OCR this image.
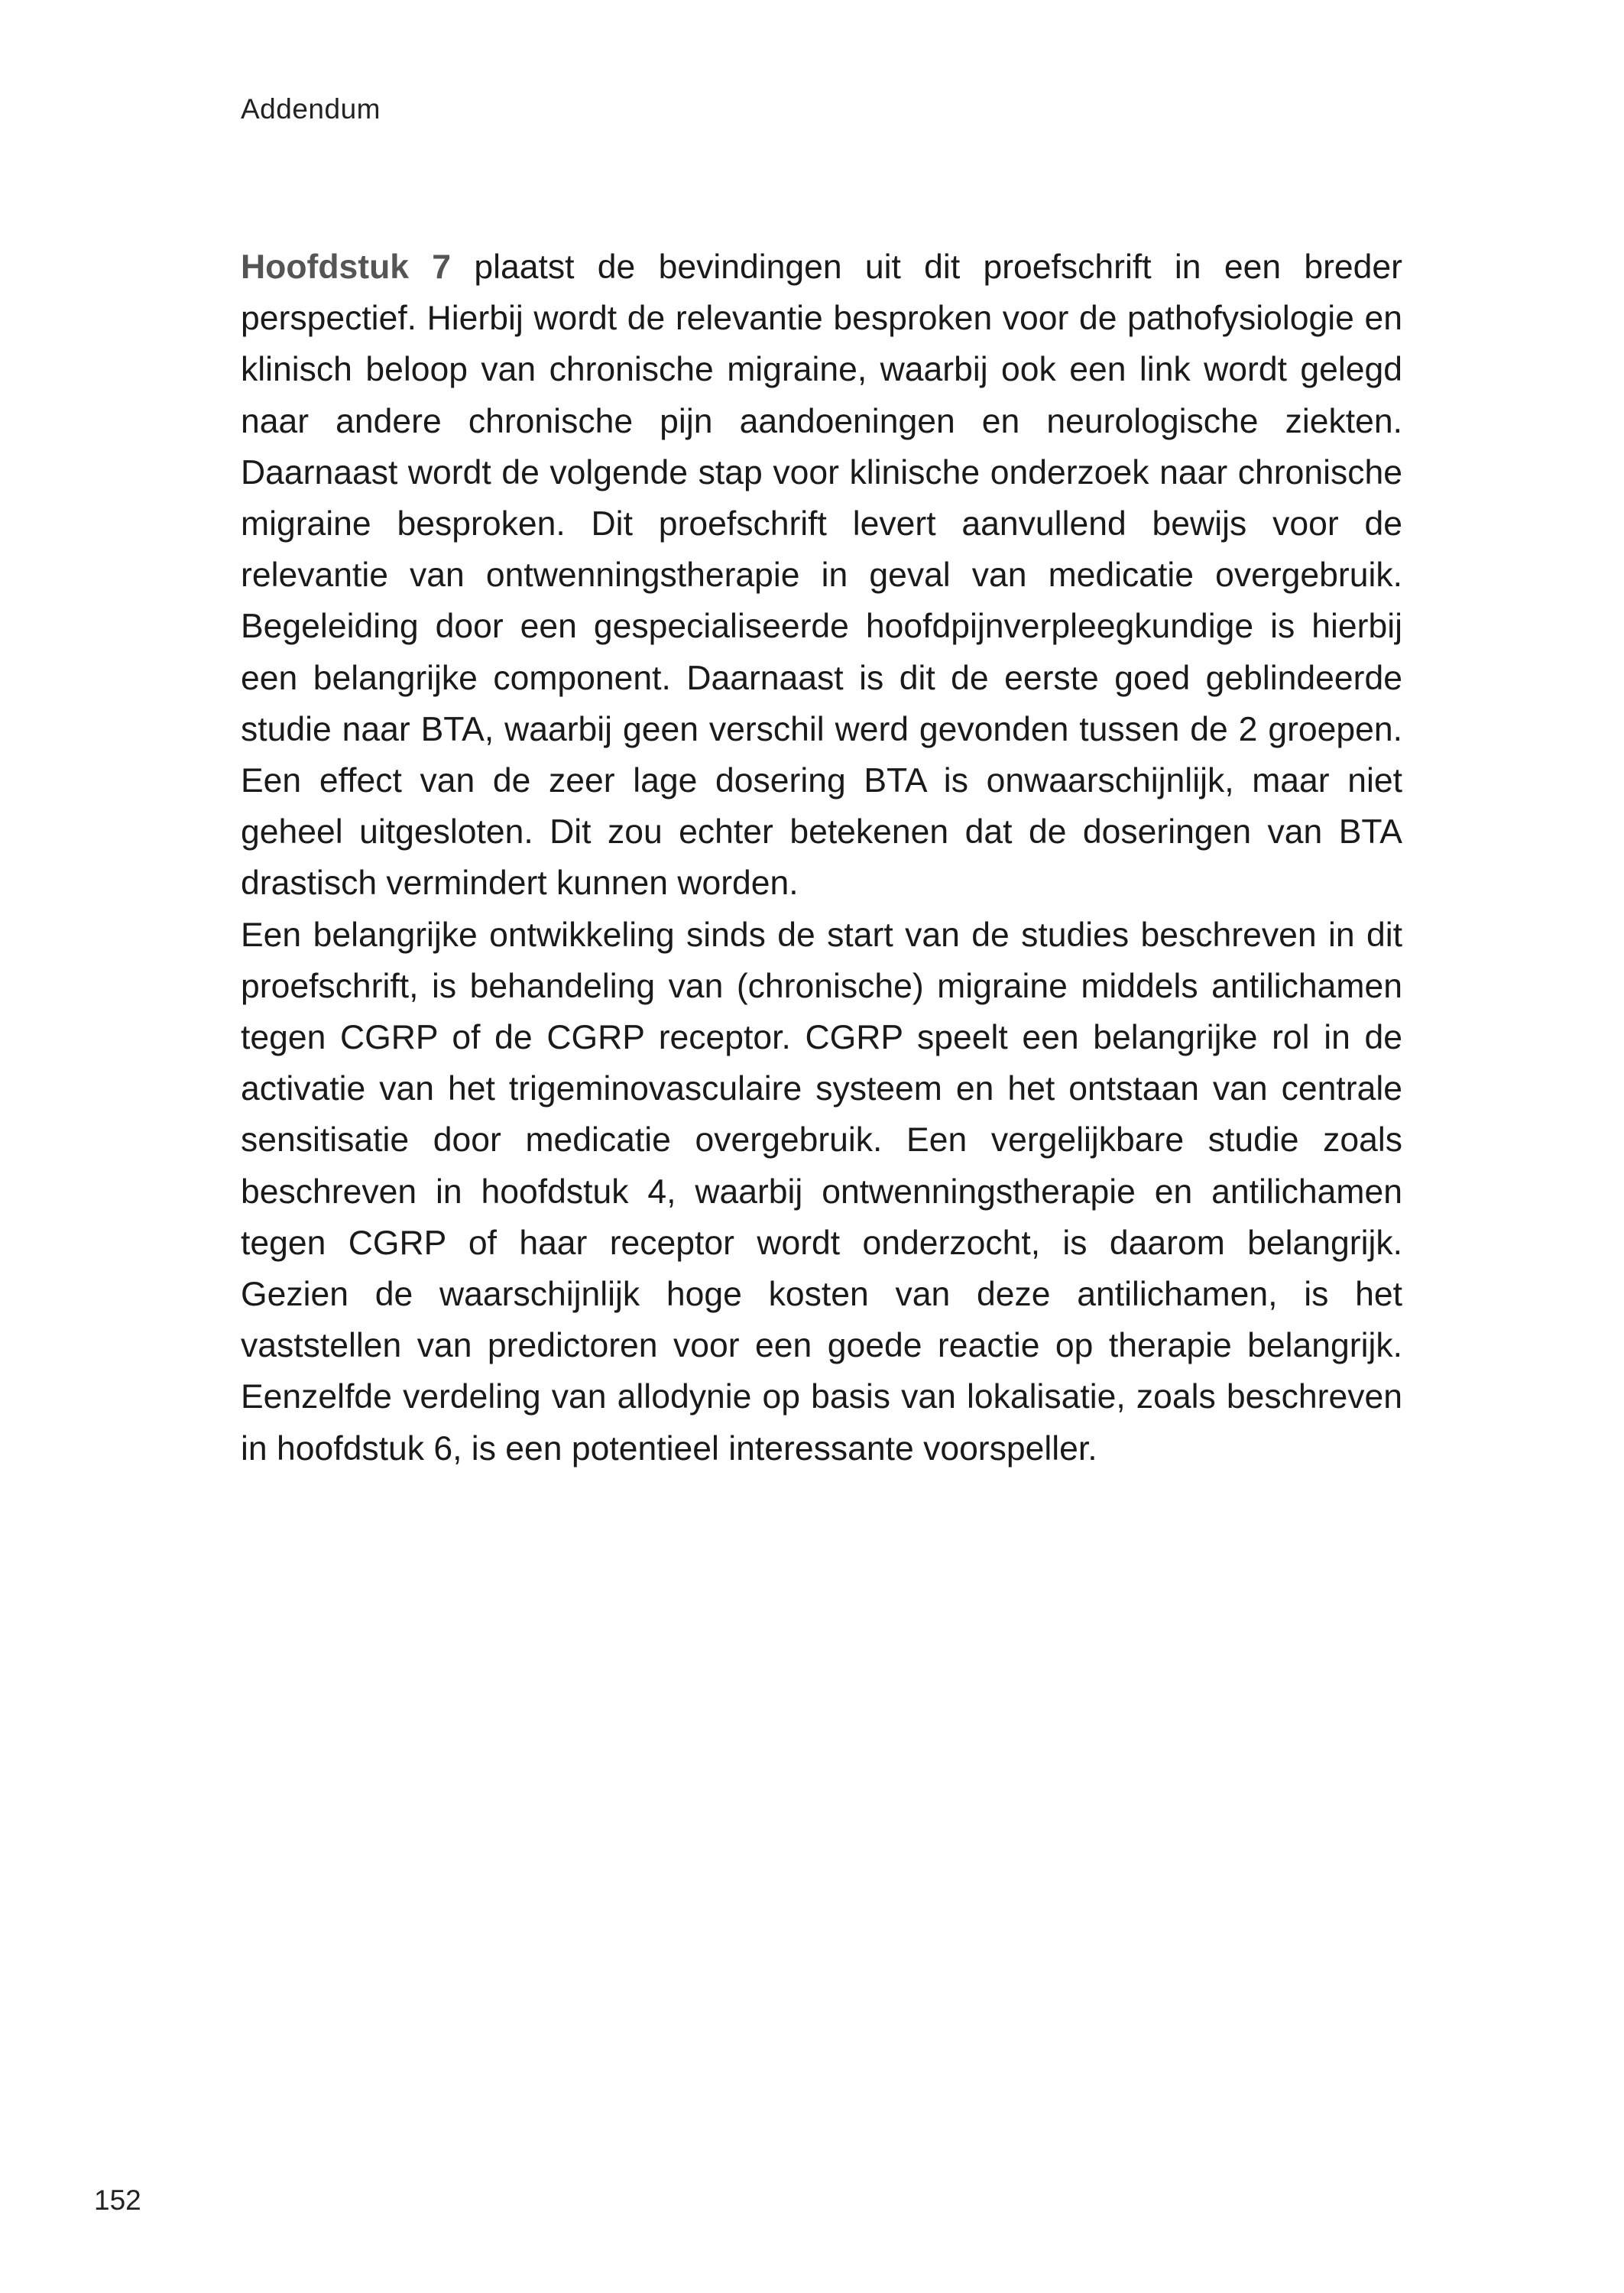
Addendum

Hoofdstuk 7 plaatst de bevindingen uit dit proefschrift in een breder perspectief. Hierbij wordt de relevantie besproken voor de pathofysiologie en klinisch beloop van chronische migraine, waarbij ook een link wordt gelegd naar andere chronische pijn aandoeningen en neurologische ziekten. Daarnaast wordt de volgende stap voor klinische onderzoek naar chronische migraine besproken. Dit proefschrift levert aanvullend bewijs voor de relevantie van ontwenningstherapie in geval van medicatie overgebruik. Begeleiding door een gespecialiseerde hoofdpijnverpleegkundige is hierbij een belangrijke component. Daarnaast is dit de eerste goed geblindeerde studie naar BTA, waarbij geen verschil werd gevonden tussen de 2 groepen. Een effect van de zeer lage dosering BTA is onwaarschijnlijk, maar niet geheel uitgesloten. Dit zou echter betekenen dat de doseringen van BTA drastisch vermindert kunnen worden.

Een belangrijke ontwikkeling sinds de start van de studies beschreven in dit proefschrift, is behandeling van (chronische) migraine middels antilichamen tegen CGRP of de CGRP receptor. CGRP speelt een belangrijke rol in de activatie van het trigeminovasculaire systeem en het ontstaan van centrale sensitisatie door medicatie overgebruik. Een vergelijkbare studie zoals beschreven in hoofdstuk 4, waarbij ontwenningstherapie en antilichamen tegen CGRP of haar receptor wordt onderzocht, is daarom belangrijk. Gezien de waarschijnlijk hoge kosten van deze antilichamen, is het vaststellen van predictoren voor een goede reactie op therapie belangrijk. Eenzelfde verdeling van allodynie op basis van lokalisatie, zoals beschreven in hoofdstuk 6, is een potentieel interessante voorspeller.

152
